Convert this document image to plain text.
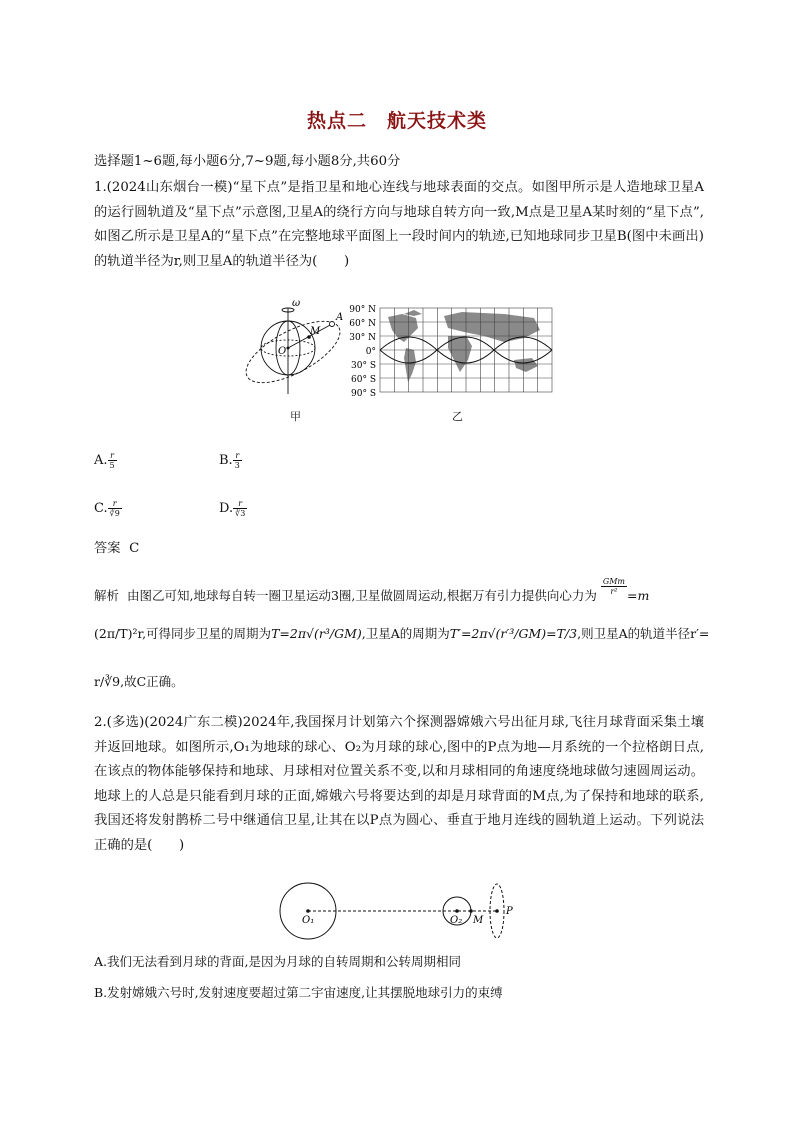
热点二　航天技术类
选择题1~6题,每小题6分,7~9题,每小题8分,共60分
1.(2024山东烟台一模)“星下点”是指卫星和地心连线与地球表面的交点。如图甲所示是人造地球卫星A的运行圆轨道及“星下点”示意图,卫星A的绕行方向与地球自转方向一致,M点是卫星A某时刻的“星下点”,如图乙所示是卫星A的“星下点”在完整地球平面图上一段时间内的轨迹,已知地球同步卫星B(图中未画出)的轨道半径为r,则卫星A的轨道半径为(　　)
ω
A
M
O
甲
90° N
60° N
30° N
0°
30° S
60° S
90° S
乙
A. $\frac{r}{5}$	B. $\frac{r}{3}$
C. $\frac{r}{∛9}$	D. $\frac{r}{∛3}$
答案 C
解析 由图乙可知,地球每自转一圈卫星运动3圈,卫星做圆周运动,根据万有引力提供向心力为 $\frac{\text{GMm}}{\text{r²}} =m$
(2π/T)²r,可得同步卫星的周期为T=2π√(r³/GM),卫星A的周期为T′=2π√(r′³/GM)=T/3,则卫星A的轨道半径r′=
r/∛9,故C正确。
2.(多选)(2024广东二模)2024年,我国探月计划第六个探测器嫦娥六号出征月球,飞往月球背面采集土壤并返回地球。如图所示,O₁为地球的球心、O₂为月球的球心,图中的P点为地—月系统的一个拉格朗日点,在该点的物体能够保持和地球、月球相对位置关系不变,以和月球相同的角速度绕地球做匀速圆周运动。地球上的人总是只能看到月球的正面,嫦娥六号将要达到的却是月球背面的M点,为了保持和地球的联系,我国还将发射鹊桥二号中继通信卫星,让其在以P点为圆心、垂直于地月连线的圆轨道上运动。下列说法正确的是(　　)
O₁	O₂ M
P
A.我们无法看到月球的背面,是因为月球的自转周期和公转周期相同
B.发射嫦娥六号时,发射速度要超过第二宇宙速度,让其摆脱地球引力的束缚
